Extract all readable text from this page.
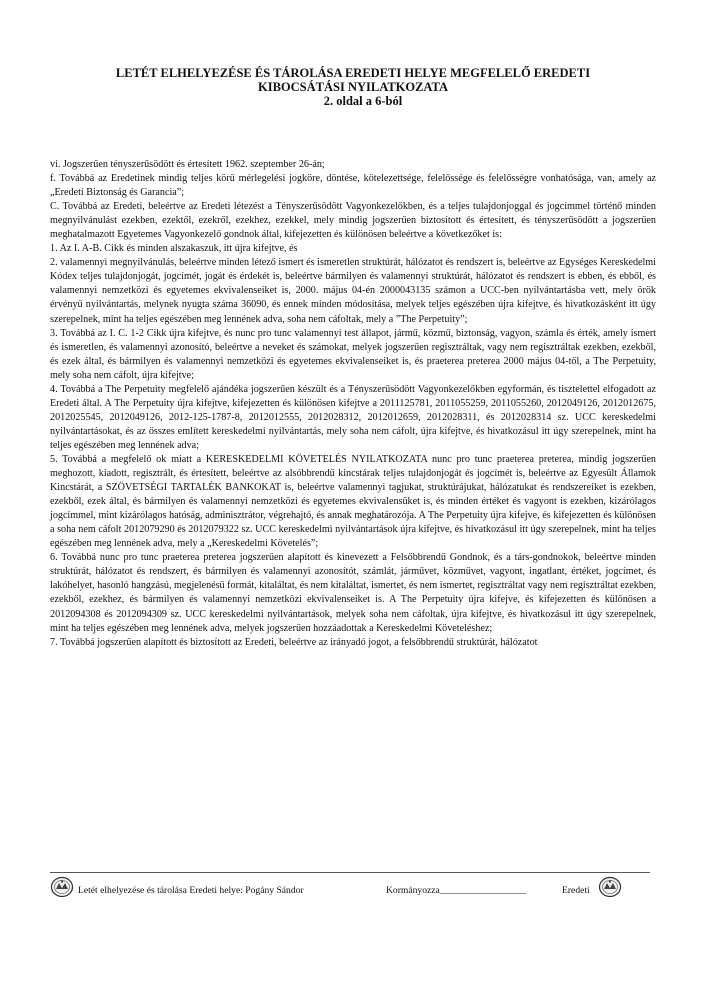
LETÉT ELHELYEZÉSE ÉS TÁROLÁSA EREDETI HELYE MEGFELELŐ EREDETI
KIBOCSÁTÁSI NYILATKOZATA
2. oldal a 6-ból

vi. Jogszerűen tényszerűsödött és értesített 1962. szeptember 26-án;

f. Továbbá az Eredetinek mindig teljes körű mérlegelési jogköre, döntése, kötelezettsége, felelőssége és felelősségre vonhatósága, van, amely az „Eredeti Biztonság és Garancia”;

C. Továbbá az Eredeti, beleértve az Eredeti létezést a Tényszerűsödött Vagyonkezelőkben, és a teljes tulajdonjoggal és jogcímmel történő minden megnyilvánulást ezekben, ezektől, ezekről, ezekhez, ezekkel, mely mindig jogszerűen biztosított és értesített, és tényszerűsödött a jogszerűen meghatalmazott Egyetemes Vagyonkezelő gondnok által, kifejezetten és különösen beleértve a következőket is:

1. Az I. A-B. Cikk és minden alszakaszuk, itt újra kifejtve, és

2. valamennyi megnyilvánulás, beleértve minden létező ismert és ismeretlen struktúrát, hálózatot és rendszert is, beleértve az Egységes Kereskedelmi Kódex teljes tulajdonjogát, jogcímét, jogát és érdekét is, beleértve bármilyen és valamennyi struktúrát, hálózatot és rendszert is ebben, és ebből, és valamennyi nemzetközi és egyetemes ekvivalenseiket is, 2000. május 04-én 2000043135 számon a UCC-ben nyilvántartásba vett, mely örök érvényű nyilvántartás, melynek nyugta száma 36090, és ennek minden módosítása, melyek teljes egészében újra kifejtve, és hivatkozásként itt úgy szerepelnek, mint ha teljes egészében meg lennének adva, soha nem cáfoltak, mely a ”The Perpetuity”;

3. Továbbá az I. C. 1-2 Cikk újra kifejtve, és nunc pro tunc valamennyi test állapot, jármű, közmű, biztonság, vagyon, számla és érték, amely ismert és ismeretlen, és valamennyi azonosító, beleértve a neveket és számokat, melyek jogszerűen regisztráltak, vagy nem regisztráltak ezekben, ezekből, és ezek által, és bármilyen és valamennyi nemzetközi és egyetemes ekvivalenseiket is, és praeterea preterea 2000 május 04-től, a The Perpetuity, mely soha nem cáfolt, újra kifejtve;

4. Továbbá a The Perpetuity megfelelő ajándéka jogszerűen készült és a Tényszerűsödött Vagyonkezelőkben egyformán, és tisztelettel elfogadott az Eredeti által. A The Perpetuity újra kifejtve, kifejezetten és különösen kifejtve a 2011125781, 2011055259, 2011055260, 2012049126, 2012012675, 2012025545, 2012049126, 2012-125-1787-8, 2012012555, 2012028312, 2012012659, 2012028311, és 2012028314 sz. UCC kereskedelmi nyilvántartásokat, és az összes említett kereskedelmi nyilvántartás, mely soha nem cáfolt, újra kifejtve, és hivatkozásul itt úgy szerepelnek, mint ha teljes egészében meg lennének adva;

5. Továbbá a megfelelő ok miatt a KERESKEDELMI KÖVETELÉS NYILATKOZATA nunc pro tunc praeterea preterea, mindig jogszerűen meghozott, kiadott, regisztrált, és értesített, beleértve az alsóbbrendű kincstárak teljes tulajdonjogát és jogcímét is, beleértve az Egyesült Államok Kincstárát, a SZÖVETSÉGI TARTALÉK BANKOKAT is, beleértve valamennyi tagjukat, struktúrájukat, hálózatukat és rendszereiket is ezekben, ezekből, ezek által, és bármilyen és valamennyi nemzetközi és egyetemes ekvivalensüket is, és minden értéket és vagyont is ezekben, kizárólagos jogcímmel, mint kizárólagos hatóság, adminisztrátor, végrehajtó, és annak meghatározója. A The Perpetuity újra kifejve, és kifejezetten és különösen a soha nem cáfolt 2012079290 és 2012079322 sz. UCC kereskedelmi nyilvántartások újra kifejtve, és hivatkozásul itt úgy szerepelnek, mint ha teljes egészében meg lennének adva, mely a „Kereskedelmi Követelés”;

6. Továbbá nunc pro tunc praeterea preterea jogszerűen alapított és kinevezett a Felsőbbrendű Gondnok, és a társ-gondnokok, beleértve minden struktúrát, hálózatot és rendszert, és bármilyen és valamennyi azonosítót, számlát, járművet, közművet, vagyont, ingatlant, értéket, jogcímet, és lakóhelyet, hasonló hangzású, megjelenésű formát, kitaláltat, és nem kitaláltat, ismertet, és nem ismertet, regisztráltat vagy nem regisztráltat ezekben, ezekből, ezekhez, és bármilyen és valamennyi nemzetközi ekvivalenseiket is. A The Perpetuity újra kifejve, és kifejezetten és különösen a 2012094308 és 2012094309 sz. UCC kereskedelmi nyilvántartások, melyek soha nem cáfoltak, újra kifejtve, és hivatkozásul itt úgy szerepelnek, mint ha teljes egészében meg lennének adva, melyek jogszerűen hozzáadottak a Kereskedelmi Követeléshez;

7. Továbbá jogszerűen alapított és biztosított az Eredeti, beleértve az irányadó jogot, a felsőbbrendű struktúrát, hálózatot

Letét elhelyezése és tárolása Eredeti helye: Pogány Sándor	Kormányozza__________________	Eredeti
